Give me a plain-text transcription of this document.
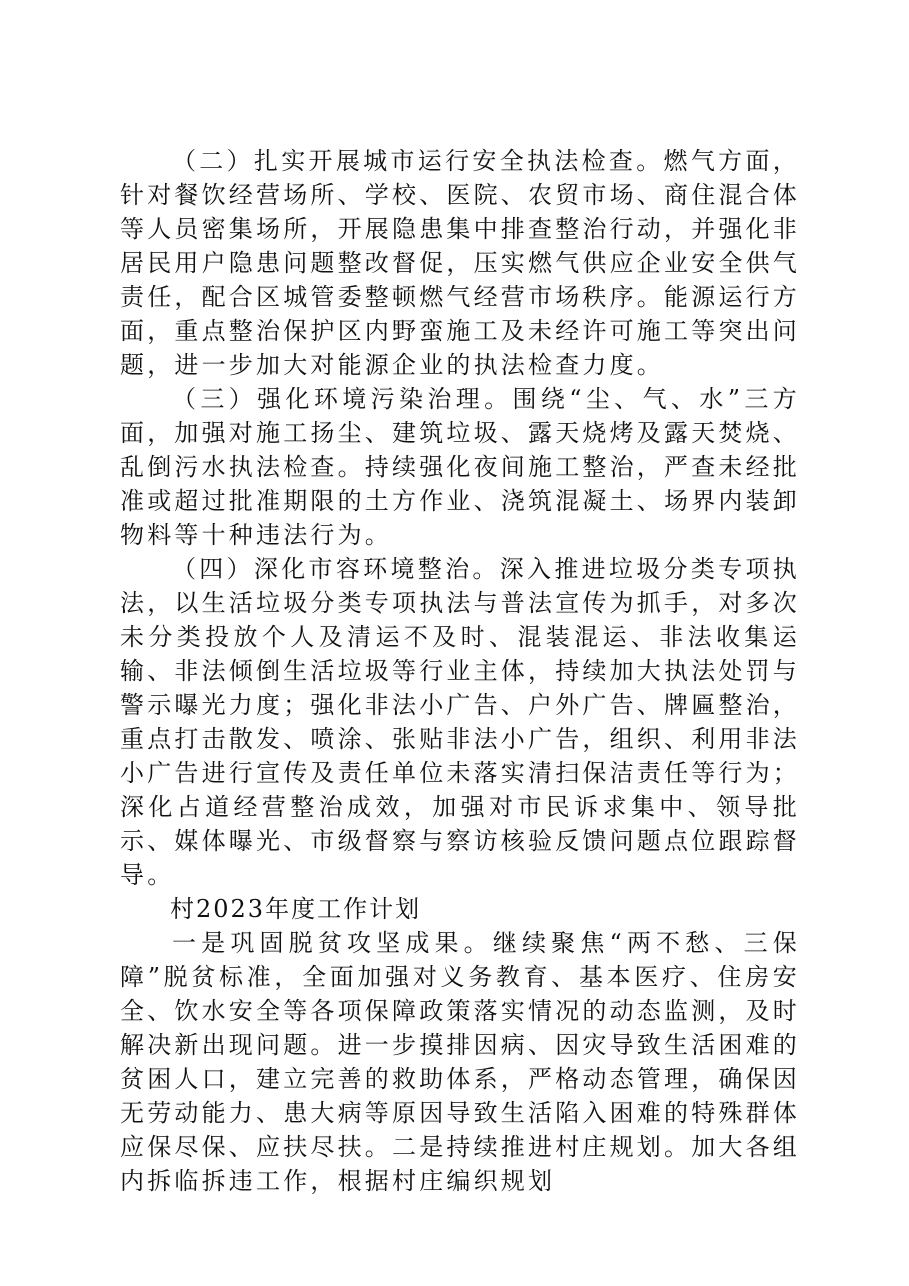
（二）扎实开展城市运行安全执法检查。燃气方面，针对餐饮经营场所、学校、医院、农贸市场、商住混合体等人员密集场所，开展隐患集中排查整治行动，并强化非居民用户隐患问题整改督促，压实燃气供应企业安全供气责任，配合区城管委整顿燃气经营市场秩序。能源运行方面，重点整治保护区内野蛮施工及未经许可施工等突出问题，进一步加大对能源企业的执法检查力度。

（三）强化环境污染治理。围绕“尘、气、水”三方面，加强对施工扬尘、建筑垃圾、露天烧烤及露天焚烧、乱倒污水执法检查。持续强化夜间施工整治，严查未经批准或超过批准期限的土方作业、浇筑混凝土、场界内装卸物料等十种违法行为。

（四）深化市容环境整治。深入推进垃圾分类专项执法，以生活垃圾分类专项执法与普法宣传为抓手，对多次未分类投放个人及清运不及时、混装混运、非法收集运输、非法倾倒生活垃圾等行业主体，持续加大执法处罚与警示曝光力度；强化非法小广告、户外广告、牌匾整治，重点打击散发、喷涂、张贴非法小广告，组织、利用非法小广告进行宣传及责任单位未落实清扫保洁责任等行为；深化占道经营整治成效，加强对市民诉求集中、领导批示、媒体曝光、市级督察与察访核验反馈问题点位跟踪督导。

村2023年度工作计划

一是巩固脱贫攻坚成果。继续聚焦“两不愁、三保障”脱贫标准，全面加强对义务教育、基本医疗、住房安全、饮水安全等各项保障政策落实情况的动态监测，及时解决新出现问题。进一步摸排因病、因灾导致生活困难的贫困人口，建立完善的救助体系，严格动态管理，确保因无劳动能力、患大病等原因导致生活陷入困难的特殊群体应保尽保、应扶尽扶。二是持续推进村庄规划。加大各组内拆临拆违工作，根据村庄编织规划
